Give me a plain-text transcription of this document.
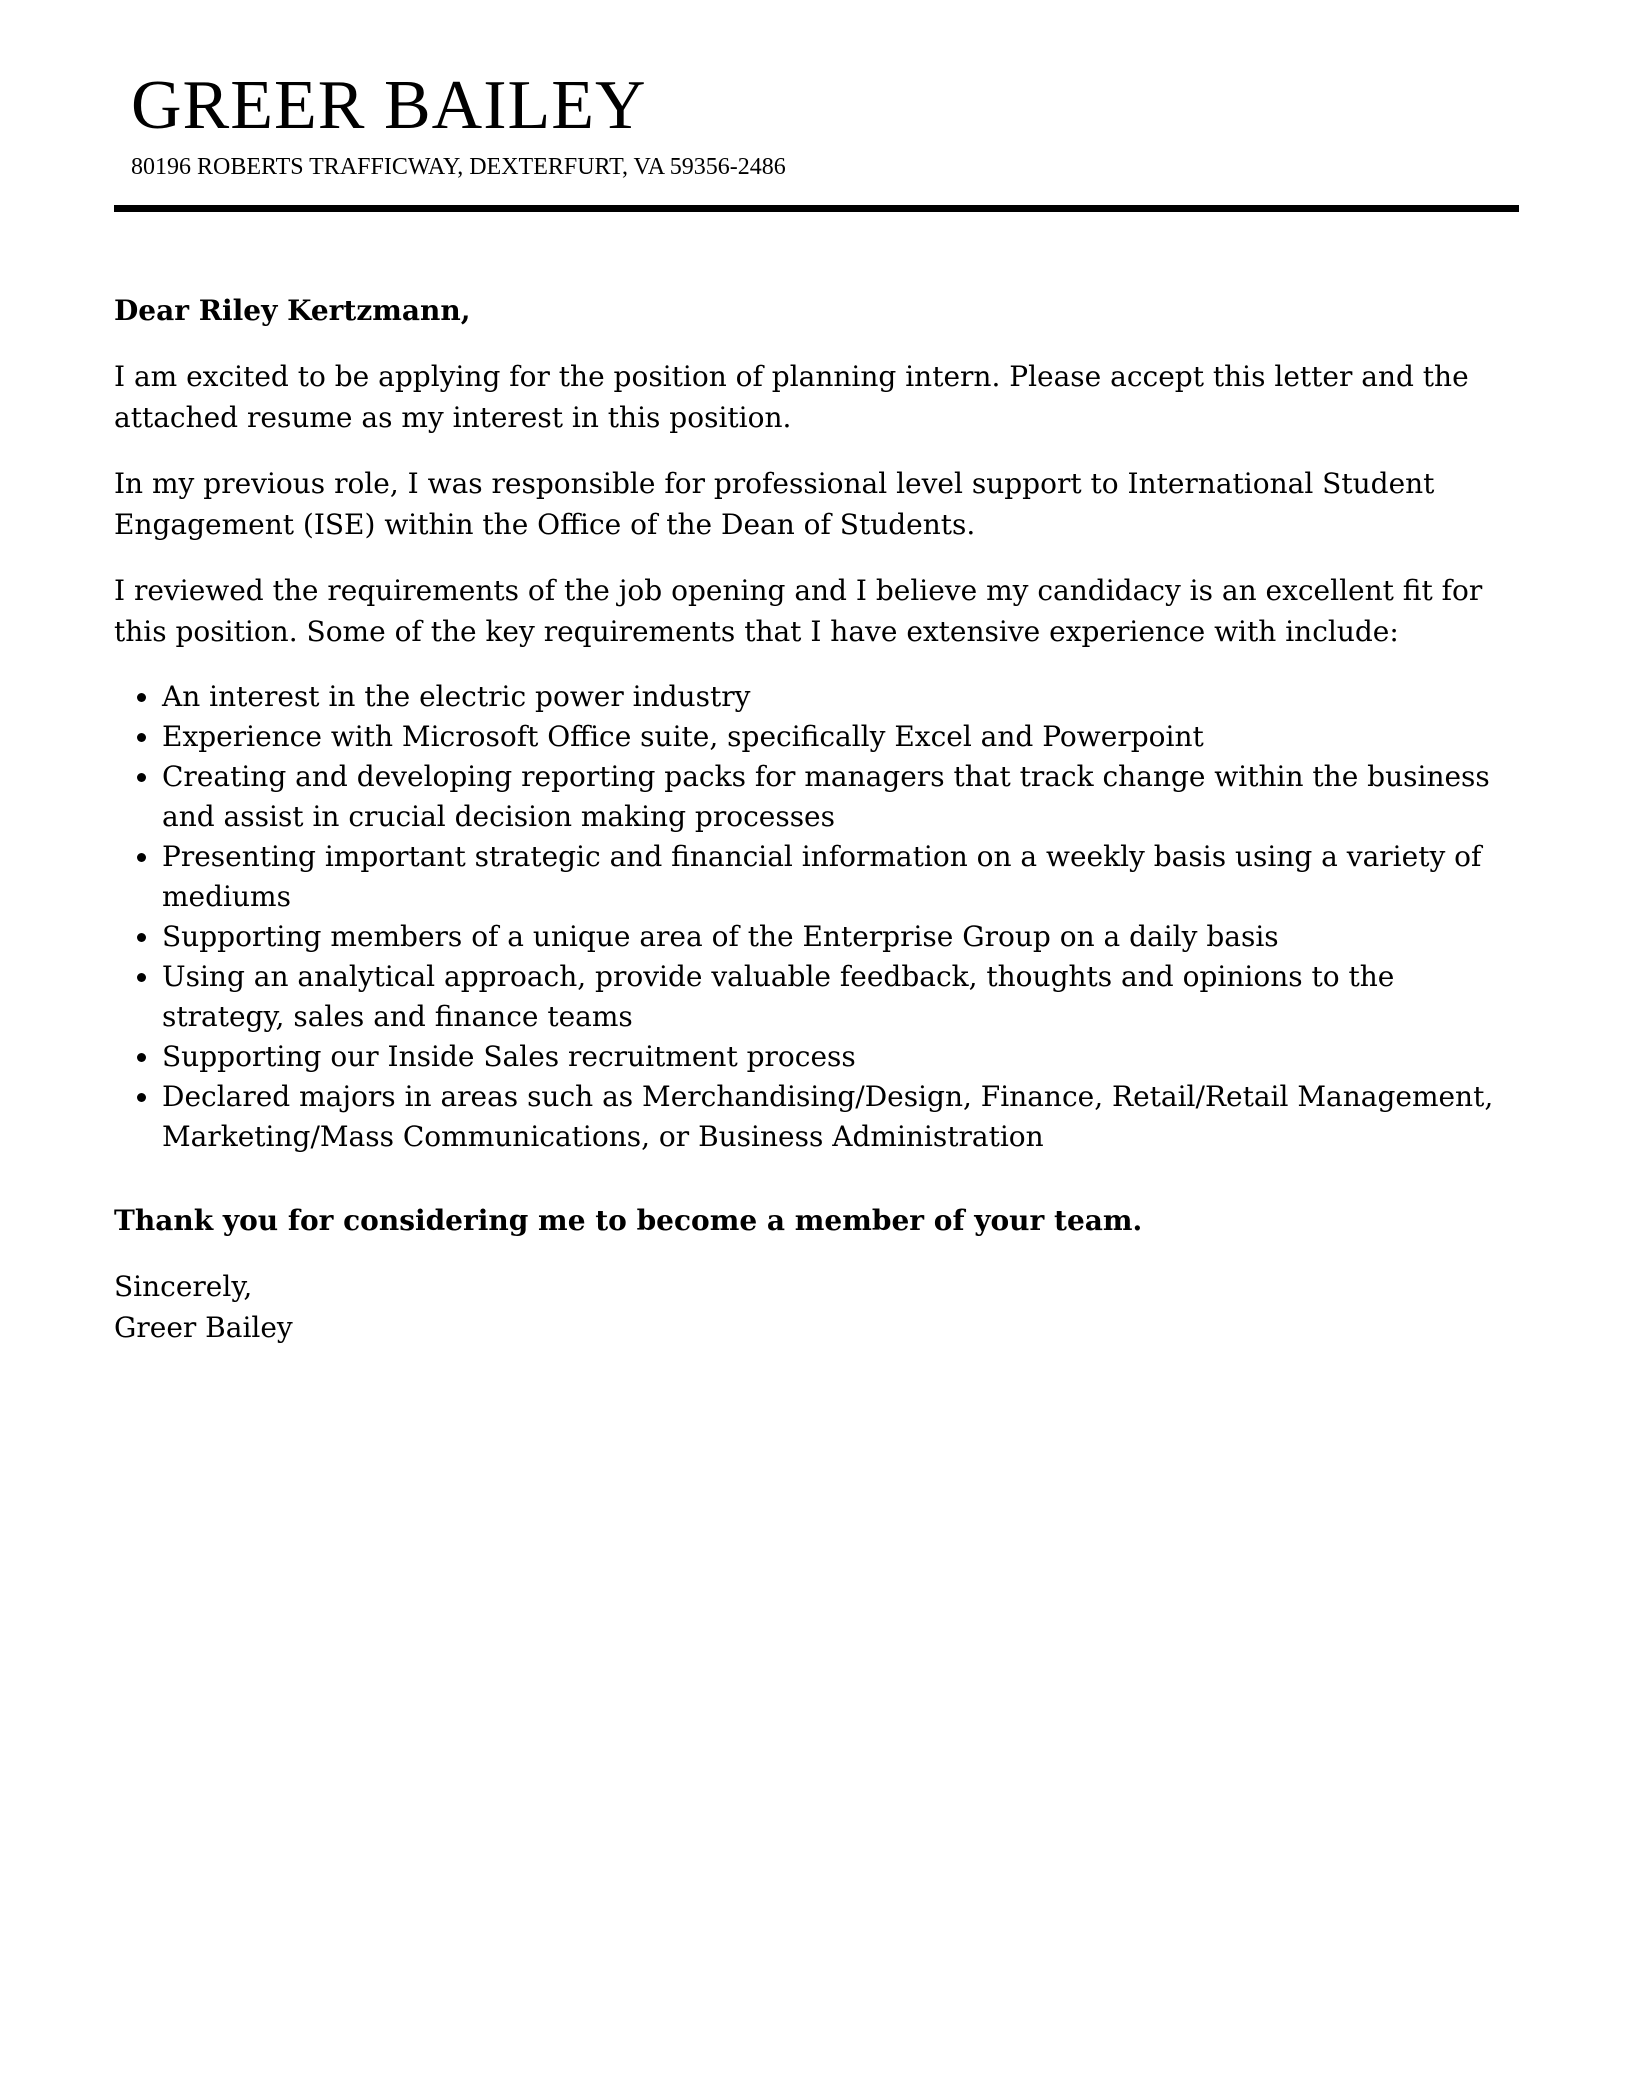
GREER BAILEY
80196 ROBERTS TRAFFICWAY, DEXTERFURT, VA 59356-2486

Dear Riley Kertzmann,

I am excited to be applying for the position of planning intern. Please accept this letter and the attached resume as my interest in this position.

In my previous role, I was responsible for professional level support to International Student Engagement (ISE) within the Office of the Dean of Students.

I reviewed the requirements of the job opening and I believe my candidacy is an excellent fit for this position. Some of the key requirements that I have extensive experience with include:

An interest in the electric power industry
Experience with Microsoft Office suite, specifically Excel and Powerpoint
Creating and developing reporting packs for managers that track change within the business and assist in crucial decision making processes
Presenting important strategic and financial information on a weekly basis using a variety of mediums
Supporting members of a unique area of the Enterprise Group on a daily basis
Using an analytical approach, provide valuable feedback, thoughts and opinions to the strategy, sales and finance teams
Supporting our Inside Sales recruitment process
Declared majors in areas such as Merchandising/Design, Finance, Retail/Retail Management, Marketing/Mass Communications, or Business Administration

Thank you for considering me to become a member of your team.

Sincerely,
Greer Bailey
